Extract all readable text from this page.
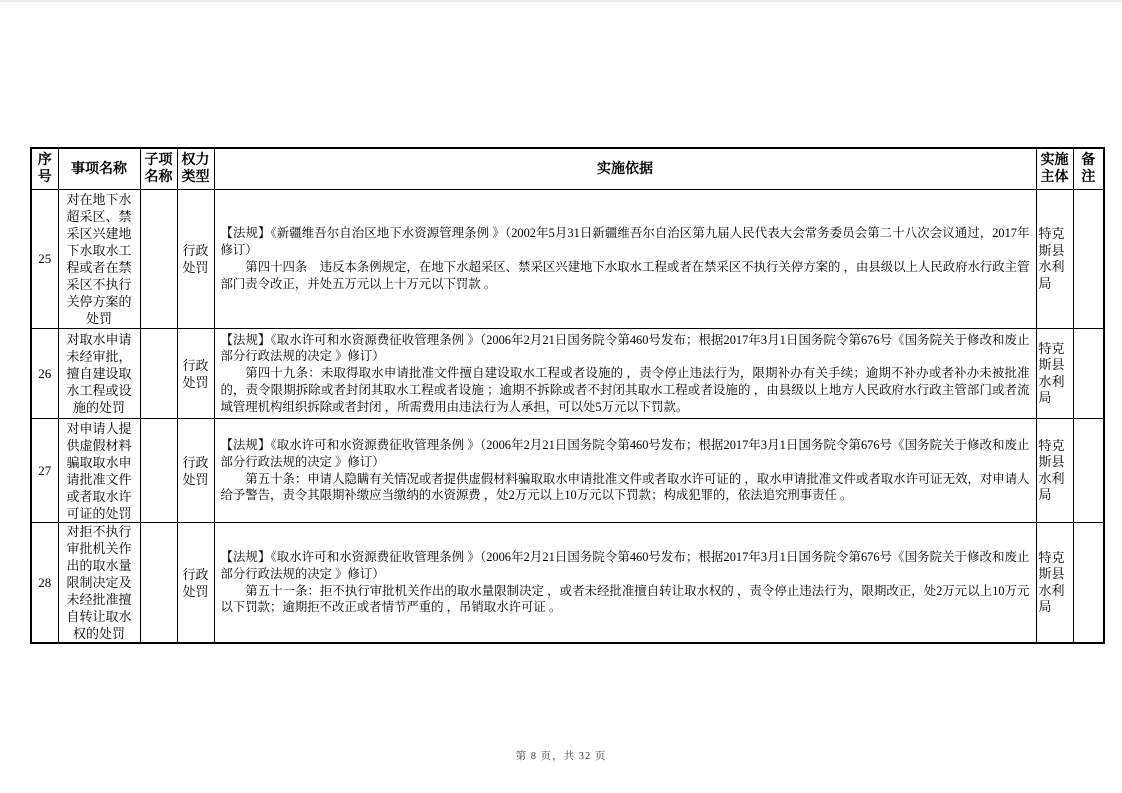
序号	事项名称	子项名称	权力类型	实施依据	实施主体	备注
25	对在地下水超采区、禁采区兴建地下水取水工程或者在禁采区不执行关停方案的处罚		行政处罚	【法规】《新疆维吾尔自治区地下水资源管理条例 》（2002年5月31日新疆维吾尔自治区第九届人民代表大会常务委员会第二十八次会议通过，2017年修订）
第四十四条　违反本条例规定，在地下水超采区、禁采区兴建地下水取水工程或者在禁采区不执行关停方案的 ，由县级以上人民政府水行政主管部门责令改正，并处五万元以上十万元以下罚款 。	特克斯县水利局	
26	对取水申请未经审批，擅自建设取水工程或设施的处罚		行政处罚	【法规】《取水许可和水资源费征收管理条例 》（2006年2月21日国务院令第460号发布；根据2017年3月1日国务院令第676号《国务院关于修改和废止部分行政法规的决定 》修订）
第四十九条：未取得取水申请批准文件擅自建设取水工程或者设施的 ，责令停止违法行为，限期补办有关手续；逾期不补办或者补办未被批准的，责令限期拆除或者封闭其取水工程或者设施 ；逾期不拆除或者不封闭其取水工程或者设施的 ，由县级以上地方人民政府水行政主管部门或者流域管理机构组织拆除或者封闭 ，所需费用由违法行为人承担，可以处5万元以下罚款。	特克斯县水利局	
27	对申请人提供虚假材料骗取取水申请批准文件或者取水许可证的处罚		行政处罚	【法规】《取水许可和水资源费征收管理条例 》（2006年2月21日国务院令第460号发布；根据2017年3月1日国务院令第676号《国务院关于修改和废止部分行政法规的决定 》修订）
第五十条：申请人隐瞒有关情况或者提供虚假材料骗取取水申请批准文件或者取水许可证的 ，取水申请批准文件或者取水许可证无效，对申请人给予警告，责令其限期补缴应当缴纳的水资源费 ，处2万元以上10万元以下罚款；构成犯罪的，依法追究刑事责任 。	特克斯县水利局	
28	对拒不执行审批机关作出的取水量限制决定及未经批准擅自转让取水权的处罚		行政处罚	【法规】《取水许可和水资源费征收管理条例 》（2006年2月21日国务院令第460号发布；根据2017年3月1日国务院令第676号《国务院关于修改和废止部分行政法规的决定 》修订）
第五十一条：拒不执行审批机关作出的取水量限制决定 ，或者未经批准擅自转让取水权的 ，责令停止违法行为，限期改正，处2万元以上10万元以下罚款；逾期拒不改正或者情节严重的 ，吊销取水许可证 。	特克斯县水利局	
第 8 页，共 32 页
